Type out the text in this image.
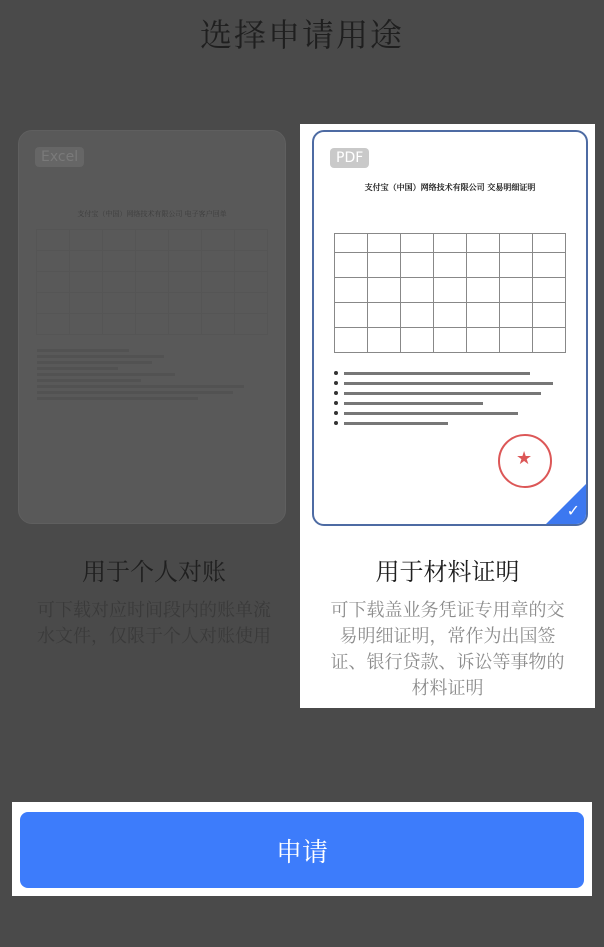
选择申请用途
Excel
支付宝（中国）网络技术有限公司 电子客户回单

用于个人对账
可下载对应时间段内的账单流水文件，仅限于个人对账使用
PDF
支付宝（中国）网络技术有限公司 交易明细证明

★
✓
用于材料证明
可下载盖业务凭证专用章的交易明细证明，常作为出国签证、银行贷款、诉讼等事物的材料证明
申请
